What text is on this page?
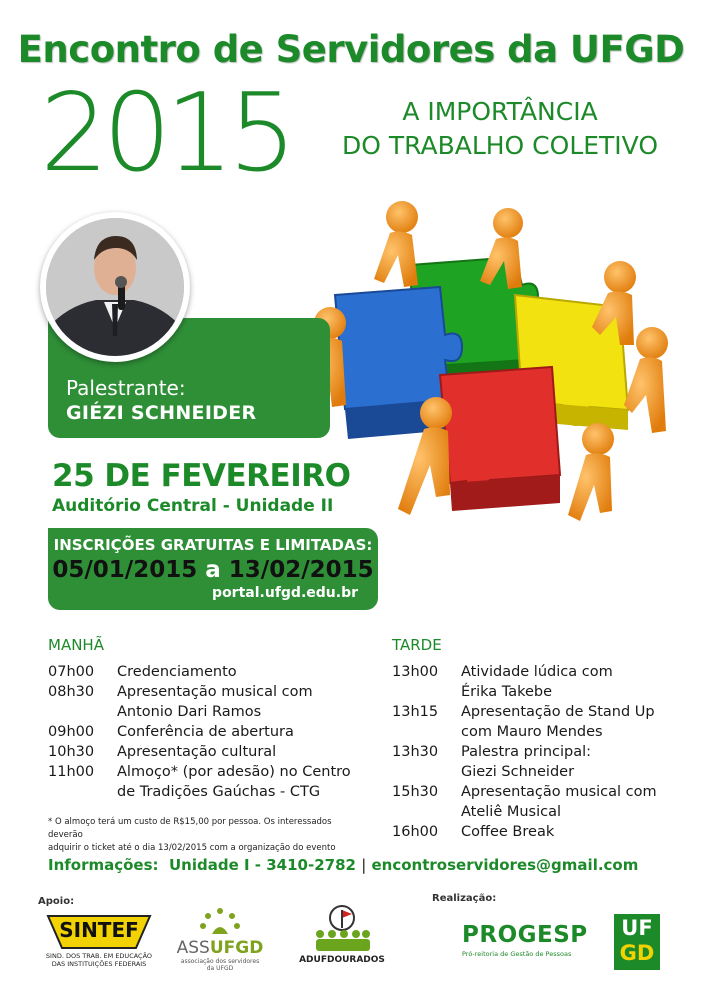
Encontro de Servidores da UFGD
2015	A IMPORTÂNCIA
DO TRABALHO COLETIVO
Palestrante:
GIÉZI SCHNEIDER
25 DE FEVEREIRO
Auditório Central - Unidade II
INSCRIÇÕES GRATUITAS E LIMITADAS:
05/01/2015 a 13/02/2015
portal.ufgd.edu.br
MANHÃ	TARDE
07h00 Credenciamento
08h30 Apresentação musical com
Antonio Dari Ramos
09h00 Conferência de abertura
10h30 Apresentação cultural
11h00 Almoço* (por adesão) no Centro
de Tradições Gaúchas - CTG
13h00 Atividade lúdica com
Érika Takebe
13h15 Apresentação de Stand Up
com Mauro Mendes
13h30 Palestra principal:
Giezi Schneider
15h30 Apresentação musical com
Ateliê Musical
16h00 Coffee Break
* O almoço terá um custo de R$15,00 por pessoa. Os interessados deverão
adquirir o ticket até o dia 13/02/2015 com a organização do evento
Informações: Unidade I - 3410-2782 | encontroservidores@gmail.com
Apoio:	Realização:
SINTEF
SIND. DOS TRAB. EM EDUCAÇÃO
DAS INSTITUIÇÕES FEDERAIS
ASSUFGD
associação dos servidores
da UFGD
ADUFDOURADOS
PROGESP
Pró-reitoria de Gestão de Pessoas
UF
GD
